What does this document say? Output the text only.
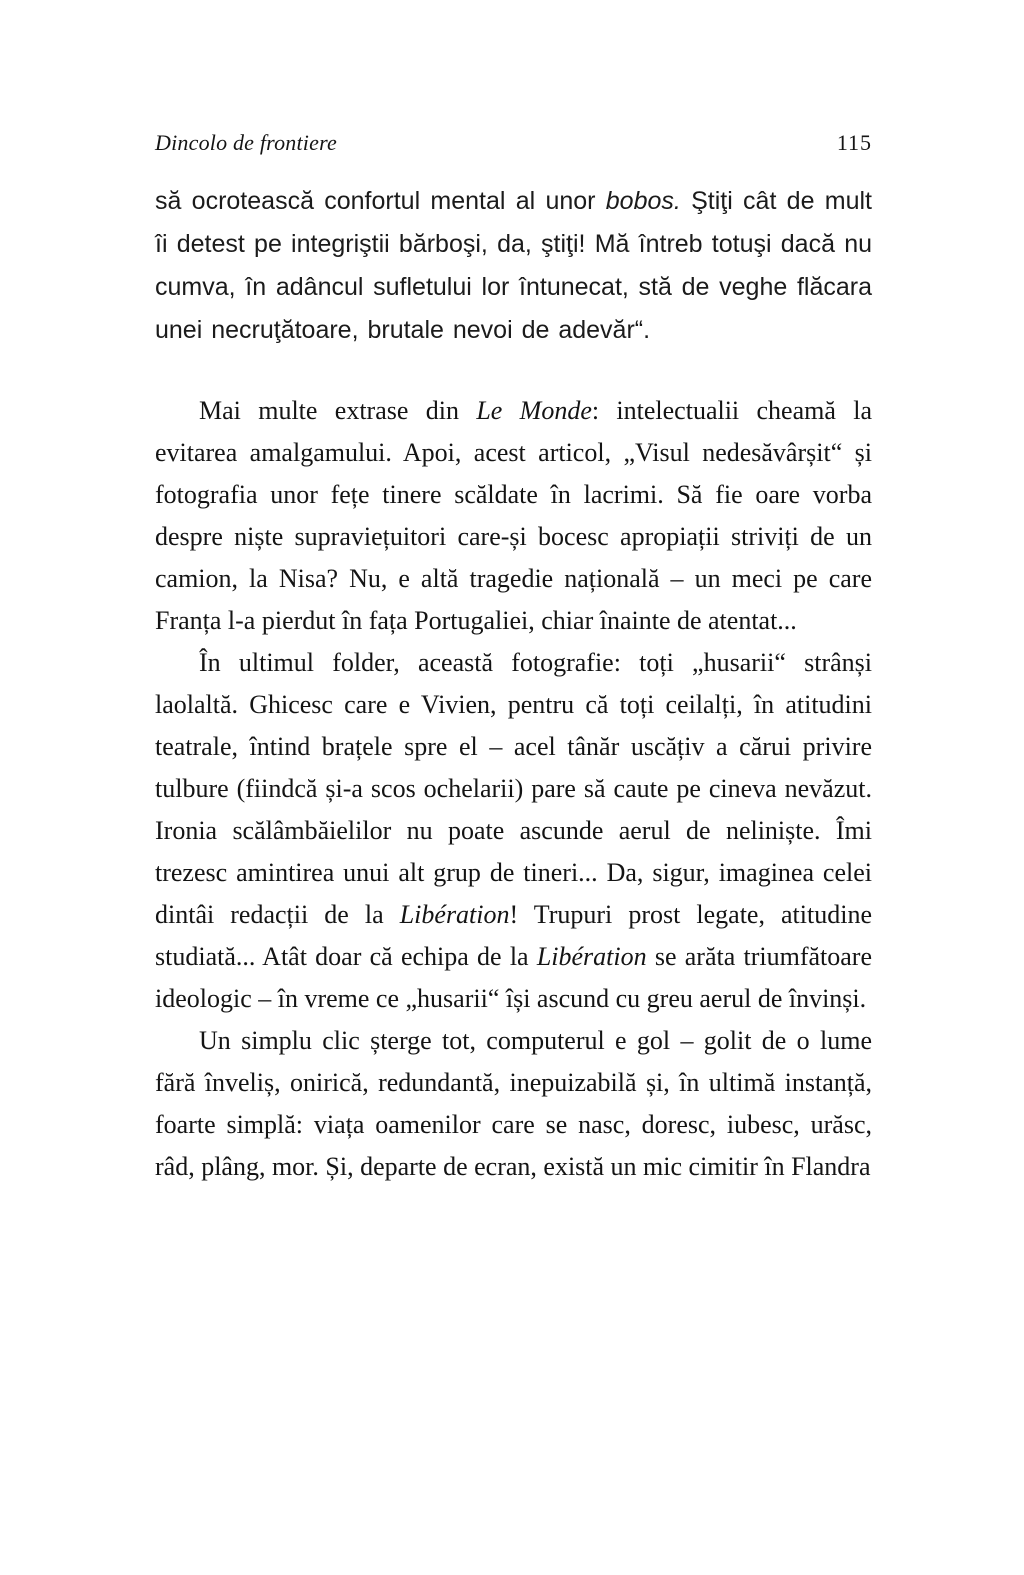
Dincolo de frontiere	115

să ocrotească confortul mental al unor bobos. Ştiţi cât de mult îi detest pe integriştii bărboşi, da, ştiţi! Mă întreb totuşi dacă nu cumva, în adâncul sufletului lor întunecat, stă de veghe flăcara unei necruţătoare, brutale nevoi de adevăr“.

Mai multe extrase din Le Monde: intelectualii cheamă la evitarea amalgamului. Apoi, acest articol, „Visul nedesăvârșit“ și fotografia unor fețe tinere scăldate în lacrimi. Să fie oare vorba despre niște supraviețuitori care-și bocesc apropiații striviți de un camion, la Nisa? Nu, e altă tragedie națională – un meci pe care Franța l-a pierdut în fața Portugaliei, chiar înainte de atentat...

În ultimul folder, această fotografie: toți „husarii“ strânși laolaltă. Ghicesc care e Vivien, pentru că toți ceilalți, în atitudini teatrale, întind brațele spre el – acel tânăr uscățiv a cărui privire tulbure (fiindcă și-a scos ochelarii) pare să caute pe cineva nevăzut. Ironia scălâmbăielilor nu poate ascunde aerul de neliniște. Îmi trezesc amintirea unui alt grup de tineri... Da, sigur, imaginea celei dintâi redacții de la Libération! Trupuri prost legate, atitudine studiată... Atât doar că echipa de la Libération se arăta triumfătoare ideologic – în vreme ce „husarii“ își ascund cu greu aerul de învinși.

Un simplu clic șterge tot, computerul e gol – golit de o lume fără înveliș, onirică, redundantă, inepuizabilă și, în ultimă instanță, foarte simplă: viața oamenilor care se nasc, doresc, iubesc, urăsc, râd, plâng, mor. Și, departe de ecran, există un mic cimitir în Flandra
